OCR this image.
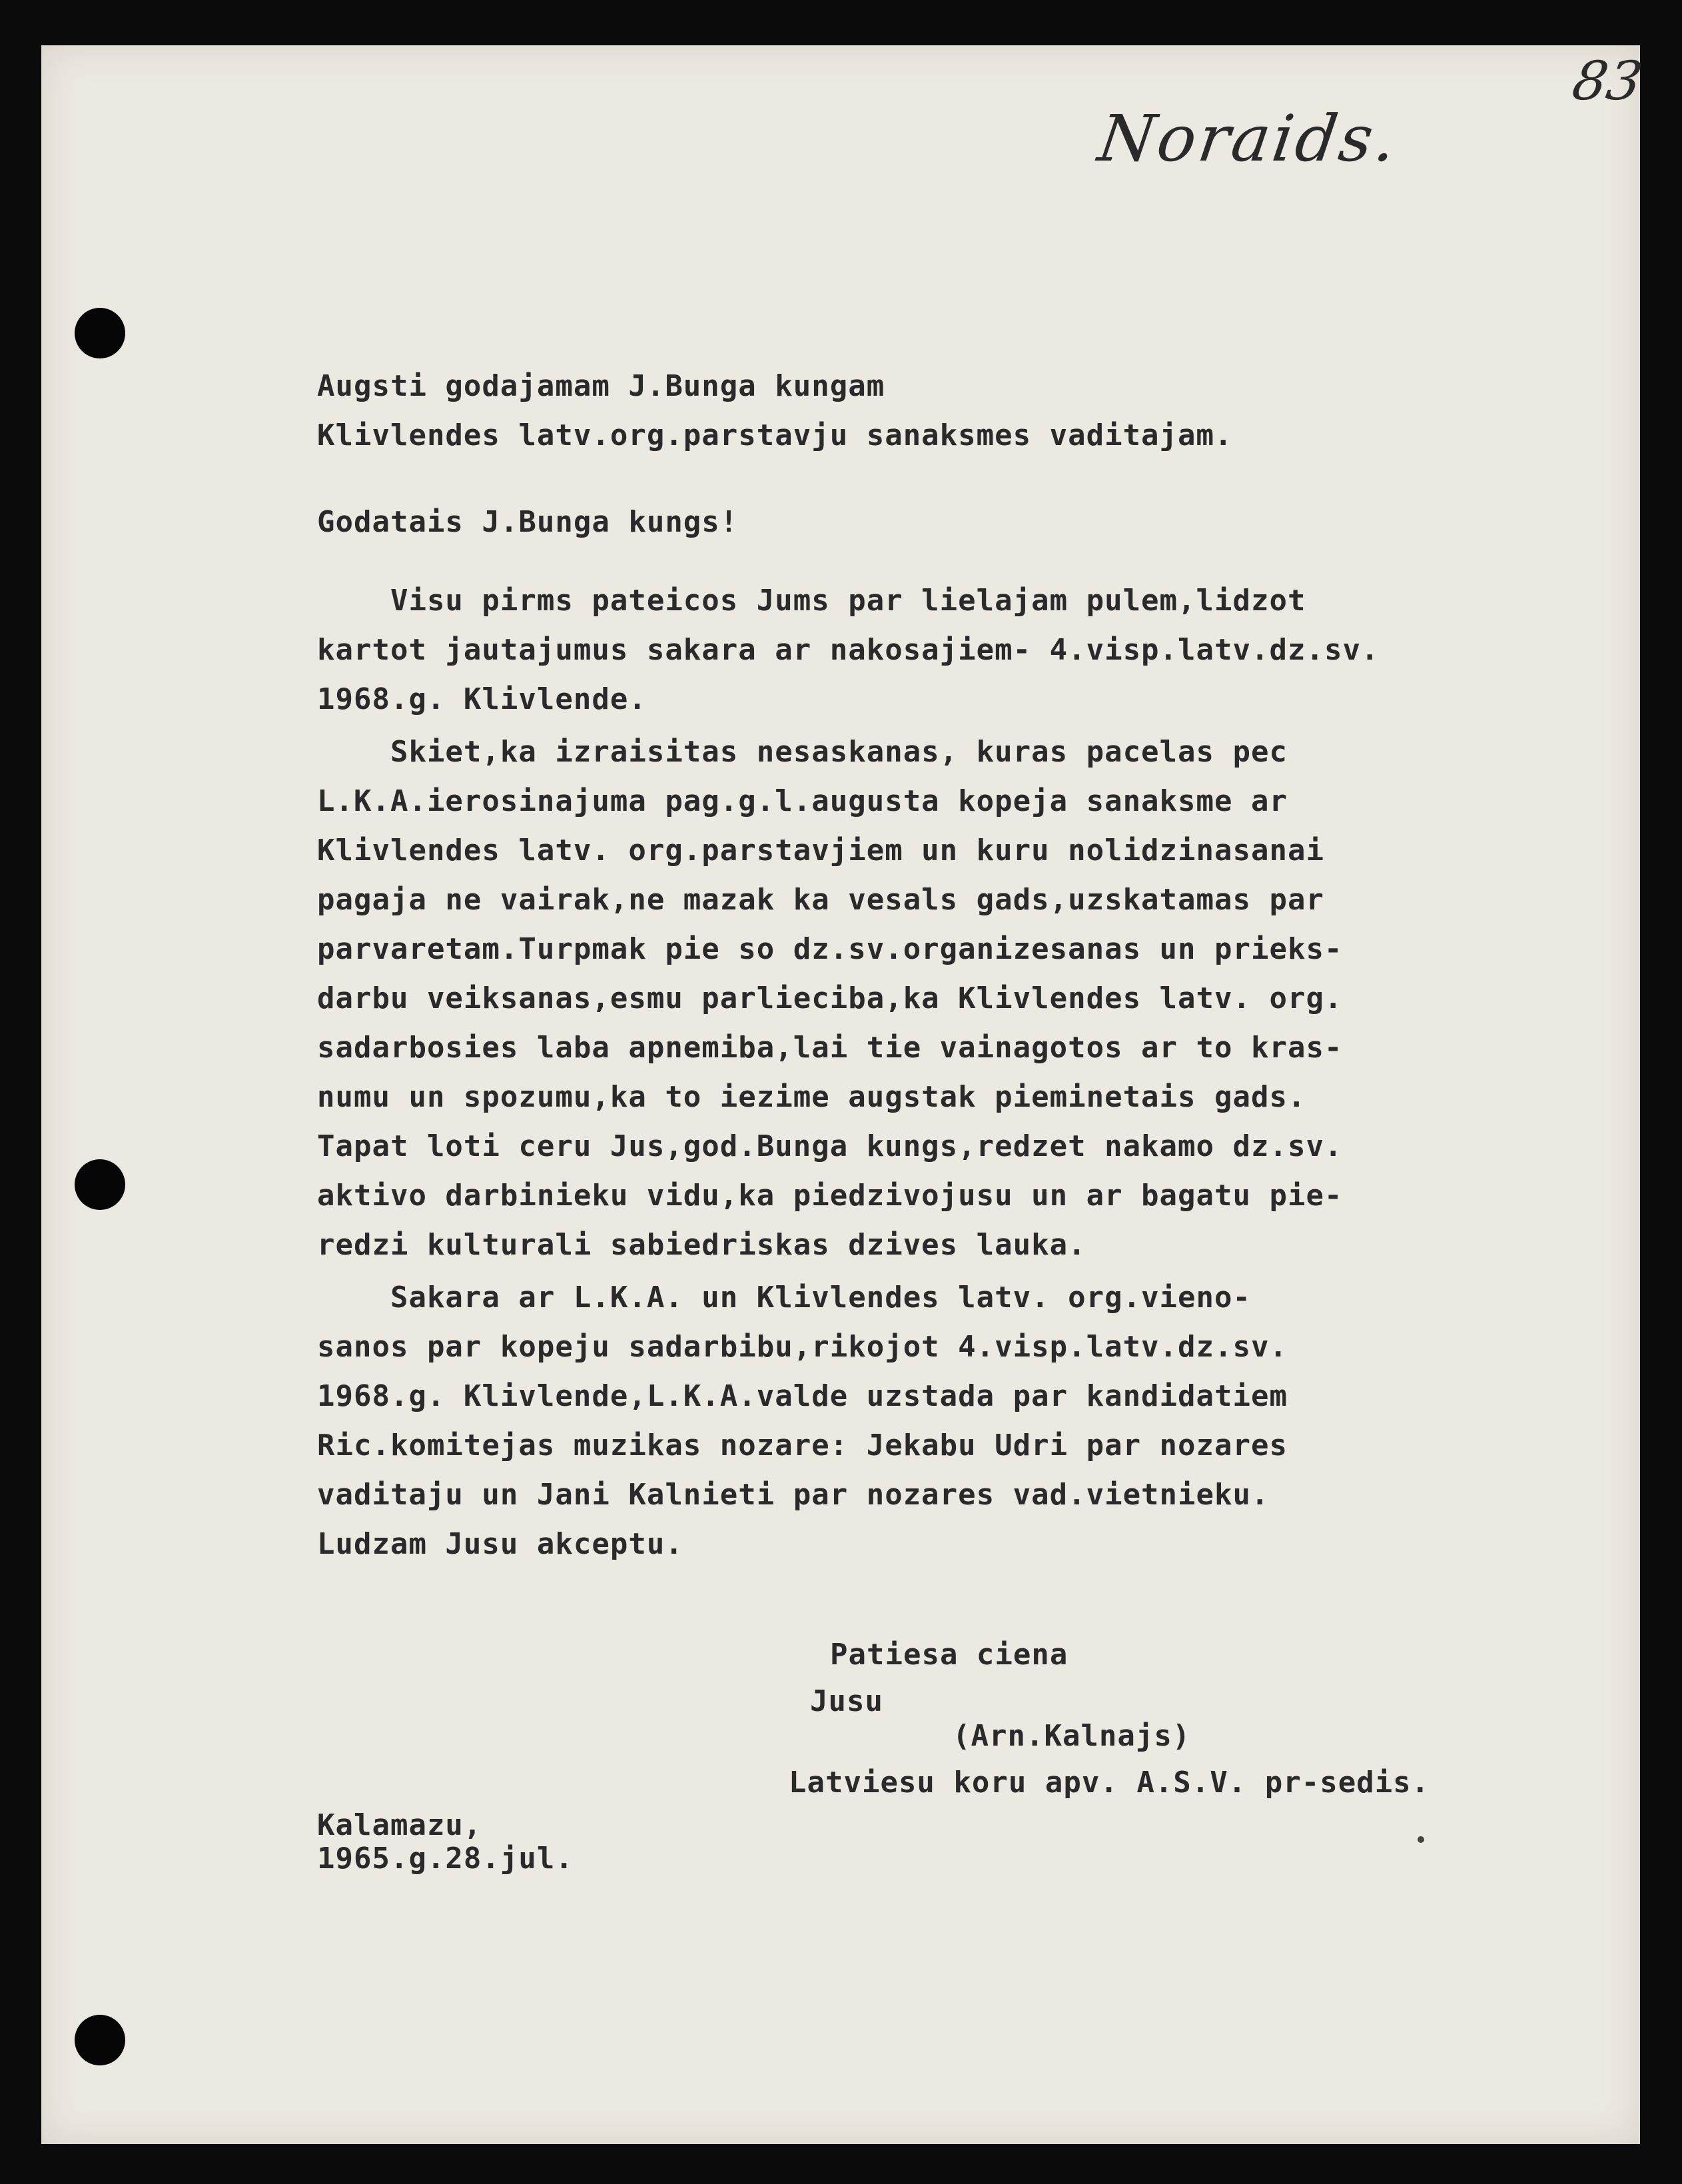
83
Noraids.
Augsti godajamam J.Bunga kungam
Klivlendes latv.org.parstavju sanaksmes vaditajam.
Godatais J.Bunga kungs!
Visu pirms pateicos Jums par lielajam pulem,lidzot
kartot jautajumus sakara ar nakosajiem- 4.visp.latv.dz.sv.
1968.g. Klivlende.
Skiet,ka izraisitas nesaskanas, kuras pacelas pec
L.K.A.ierosinajuma pag.g.l.augusta kopeja sanaksme ar
Klivlendes latv. org.parstavjiem un kuru nolidzinasanai
pagaja ne vairak,ne mazak ka vesals gads,uzskatamas par
parvaretam.Turpmak pie so dz.sv.organizesanas un prieks-
darbu veiksanas,esmu parlieciba,ka Klivlendes latv. org.
sadarbosies laba apnemiba,lai tie vainagotos ar to kras-
numu un spozumu,ka to iezime augstak pieminetais gads.
Tapat loti ceru Jus,god.Bunga kungs,redzet nakamo dz.sv.
aktivo darbinieku vidu,ka piedzivojusu un ar bagatu pie-
redzi kulturali sabiedriskas dzives lauka.
Sakara ar L.K.A. un Klivlendes latv. org.vieno-
sanos par kopeju sadarbibu,rikojot 4.visp.latv.dz.sv.
1968.g. Klivlende,L.K.A.valde uzstada par kandidatiem
Ric.komitejas muzikas nozare: Jekabu Udri par nozares
vaditaju un Jani Kalnieti par nozares vad.vietnieku.
Ludzam Jusu akceptu.
Patiesa ciena
Jusu
(Arn.Kalnajs)
Latviesu koru apv. A.S.V. pr-sedis.
Kalamazu,
1965.g.28.jul.
